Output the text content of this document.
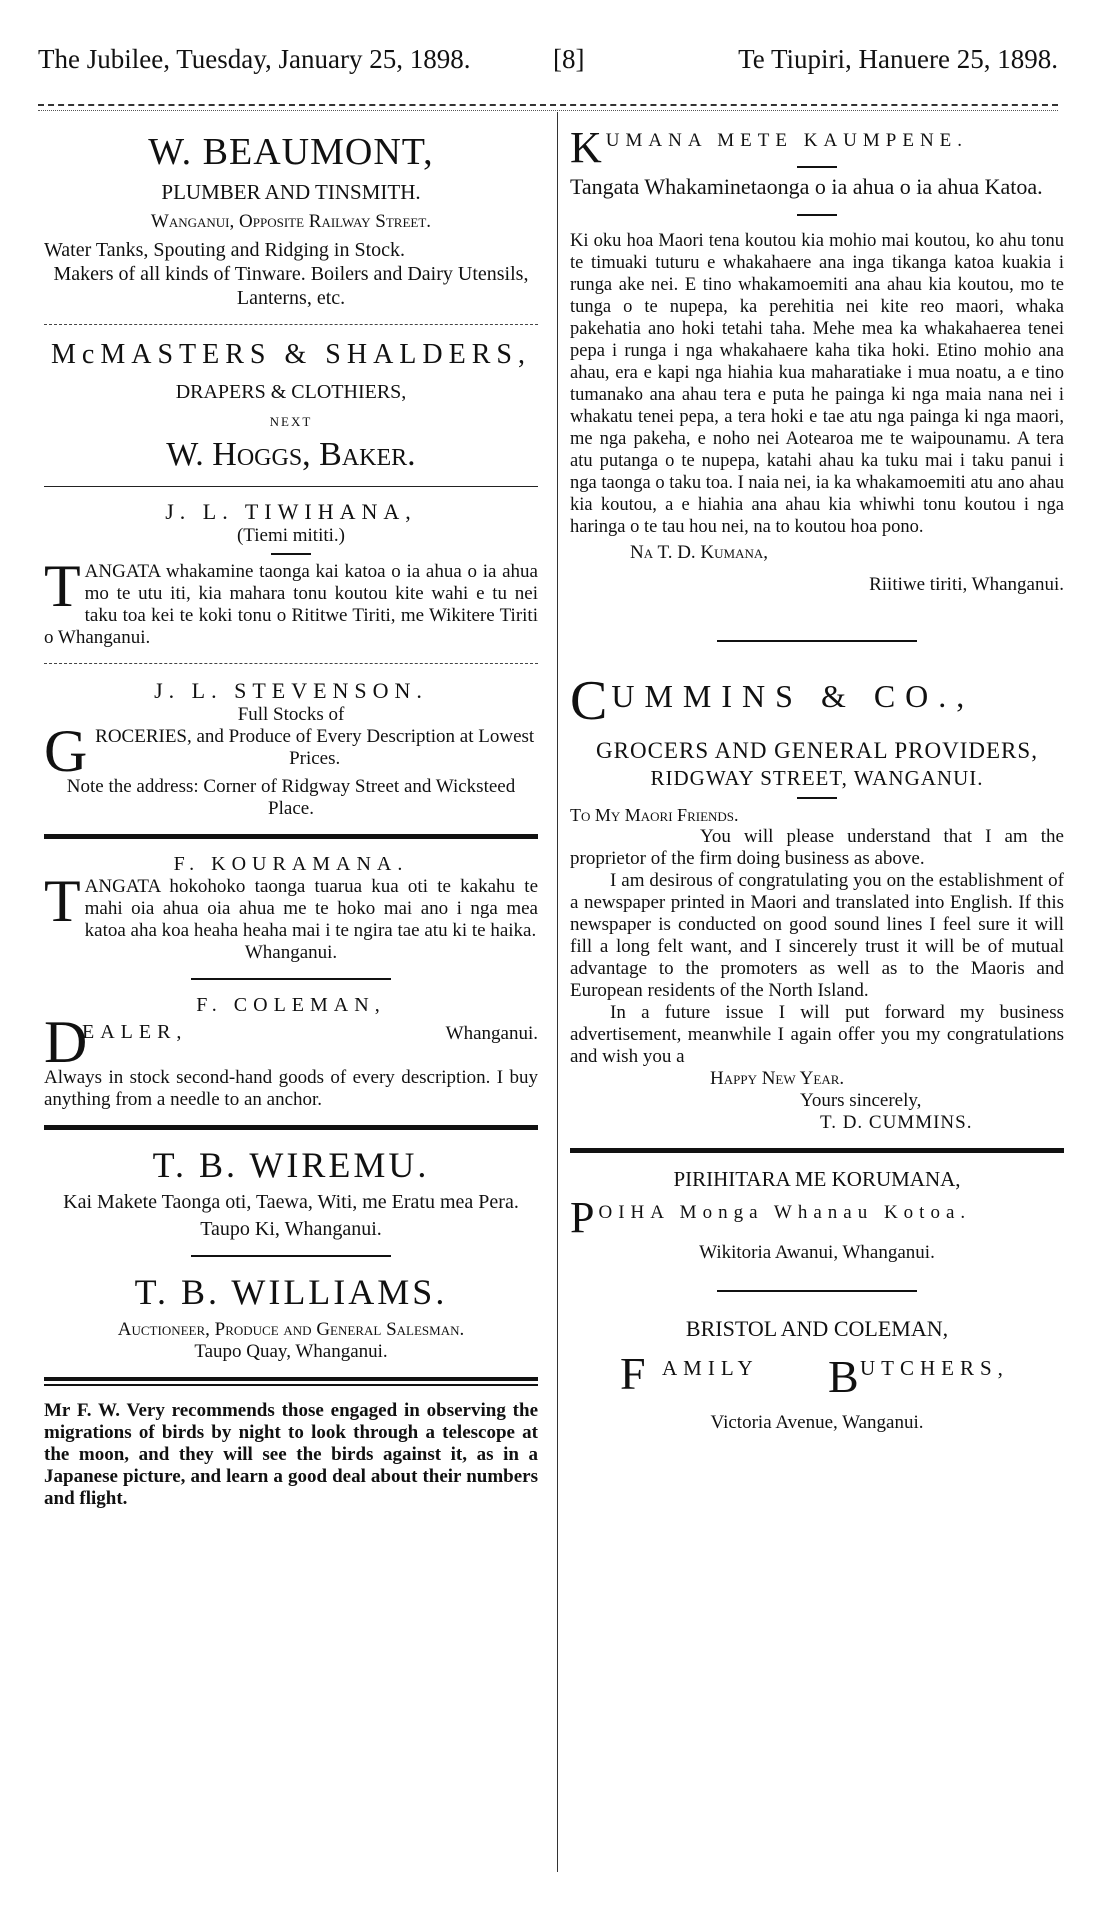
The Jubilee, Tuesday, January 25, 1898.	[8]	Te Tiupiri, Hanuere 25, 1898.
W. BEAUMONT,
PLUMBER AND TINSMITH.
Wanganui, Opposite Railway Street.
Water Tanks, Spouting and Ridging in Stock.
Makers of all kinds of Tinware. Boilers and Dairy Utensils, Lanterns, etc.
McMASTERS & SHALDERS,
DRAPERS & CLOTHIERS,
NEXT
W. Hoggs, Baker.
J. L. TIWIHANA,
(Tiemi mititi.)
T ANGATA whakamine taonga kai katoa o ia ahua o ia ahua mo te utu iti, kia mahara tonu koutou kite wahi e tu nei taku toa kei te koki tonu o Rititwe Tiriti, me Wikitere Tiriti o Whanganui.
J. L. STEVENSON.
Full Stocks of
G ROCERIES, and Produce of Every Description at Lowest Prices.
Note the address: Corner of Ridgway Street and Wicksteed Place.
F. KOURAMANA.
T ANGATA hokohoko taonga tuarua kua oti te kakahu te mahi oia ahua oia ahua me te hoko mai ano i nga mea katoa aha koa heaha heaha mai i te ngira tae atu ki te haika.
Whanganui.
F. COLEMAN,
D
EALER,	Whanganui.
Always in stock second-hand goods of every description. I buy anything from a needle to an anchor.
T. B. WIREMU.
Kai Makete Taonga oti, Taewa, Witi, me Eratu mea Pera.
Taupo Ki, Whanganui.
T. B. WILLIAMS.
Auctioneer, Produce and General Salesman.
Taupo Quay, Whanganui.
Mr F. W. Very recommends those engaged in observing the migrations of birds by night to look through a telescope at the moon, and they will see the birds against it, as in a Japanese picture, and learn a good deal about their numbers and flight.
K UMANA METE KAUMPENE.
Tangata Whakaminetaonga o ia ahua o ia ahua Katoa.
Ki oku hoa Maori tena koutou kia mohio mai koutou, ko ahu tonu te timuaki tuturu e whakahaere ana inga tikanga katoa kuakia i runga ake nei. E tino whakamoemiti ana ahau kia koutou, mo te tunga o te nupepa, ka perehitia nei kite reo maori, whaka pakehatia ano hoki tetahi taha. Mehe mea ka whakahaerea tenei pepa i runga i nga whakahaere kaha tika hoki. Etino mohio ana ahau, era e kapi nga hiahia kua maharatiake i mua noatu, a e tino tumanako ana ahau tera e puta he painga ki nga maia nana nei i whakatu tenei pepa, a tera hoki e tae atu nga painga ki nga maori, me nga pakeha, e noho nei Aotearoa me te waipounamu. A tera atu putanga o te nupepa, katahi ahau ka tuku mai i taku panui i nga taonga o taku toa. I naia nei, ia ka whakamoemiti atu ano ahau kia koutou, a e hiahia ana ahau kia whiwhi tonu koutou i nga haringa o te tau hou nei, na to koutou hoa pono.
Na T. D. Kumana,
Riitiwe tiriti, Whanganui.
C UMMINS & CO.,
GROCERS AND GENERAL PROVIDERS,
RIDGWAY STREET, WANGANUI.
To My Maori Friends.
You will please understand that I am the proprietor of the firm doing business as above.
I am desirous of congratulating you on the establishment of a newspaper printed in Maori and translated into English. If this newspaper is conducted on good sound lines I feel sure it will fill a long felt want, and I sincerely trust it will be of mutual advantage to the promoters as well as to the Maoris and European residents of the North Island.
In a future issue I will put forward my business advertisement, meanwhile I again offer you my congratulations and wish you a
Happy New Year.
Yours sincerely,
T. D. CUMMINS.
PIRIHITARA ME KORUMANA,
P OIHA Monga Whanau Kotoa.
Wikitoria Awanui, Whanganui.
BRISTOL AND COLEMAN,
F AMILY B UTCHERS,
Victoria Avenue, Wanganui.
